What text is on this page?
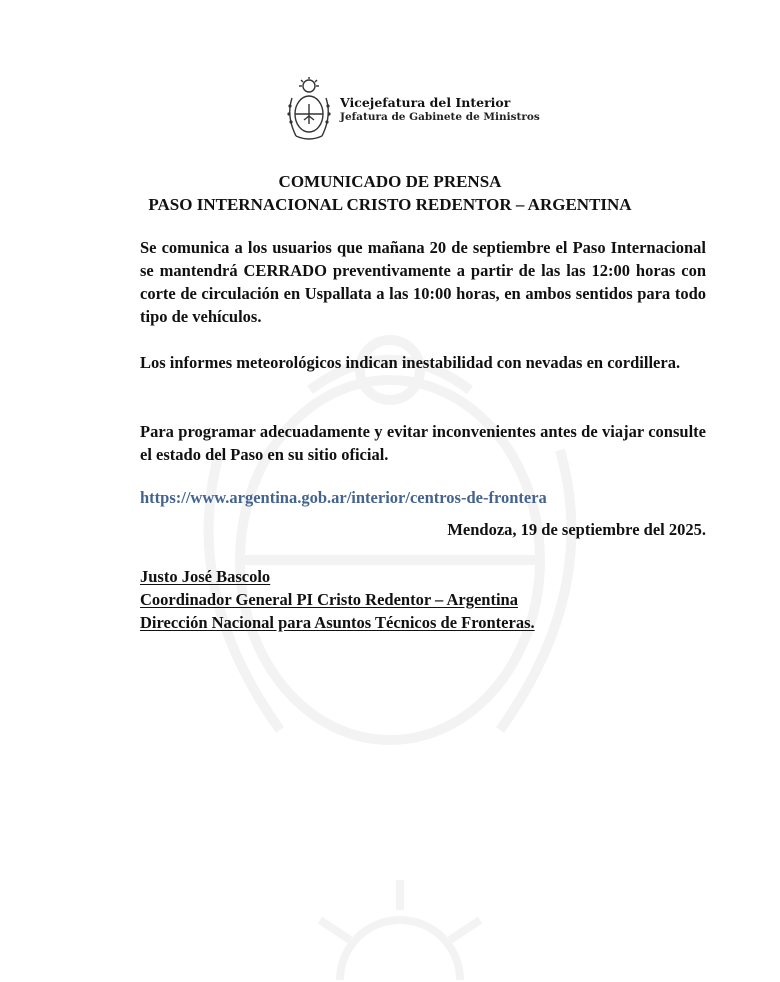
Vicejefatura del Interior
Jefatura de Gabinete de Ministros
COMUNICADO DE PRENSA
PASO INTERNACIONAL CRISTO REDENTOR – ARGENTINA
Se comunica a los usuarios que mañana 20 de septiembre el Paso Internacional se mantendrá CERRADO preventivamente a partir de las las 12:00 horas con corte de circulación en Uspallata a las 10:00 horas, en ambos sentidos para todo tipo de vehículos.
Los informes meteorológicos indican inestabilidad con nevadas en cordillera.
Para programar adecuadamente y evitar inconvenientes antes de viajar consulte el estado del Paso en su sitio oficial.
https://www.argentina.gob.ar/interior/centros-de-frontera
Mendoza, 19 de septiembre del 2025.
Justo José Bascolo
Coordinador General PI Cristo Redentor – Argentina
Dirección Nacional para Asuntos Técnicos de Fronteras.
